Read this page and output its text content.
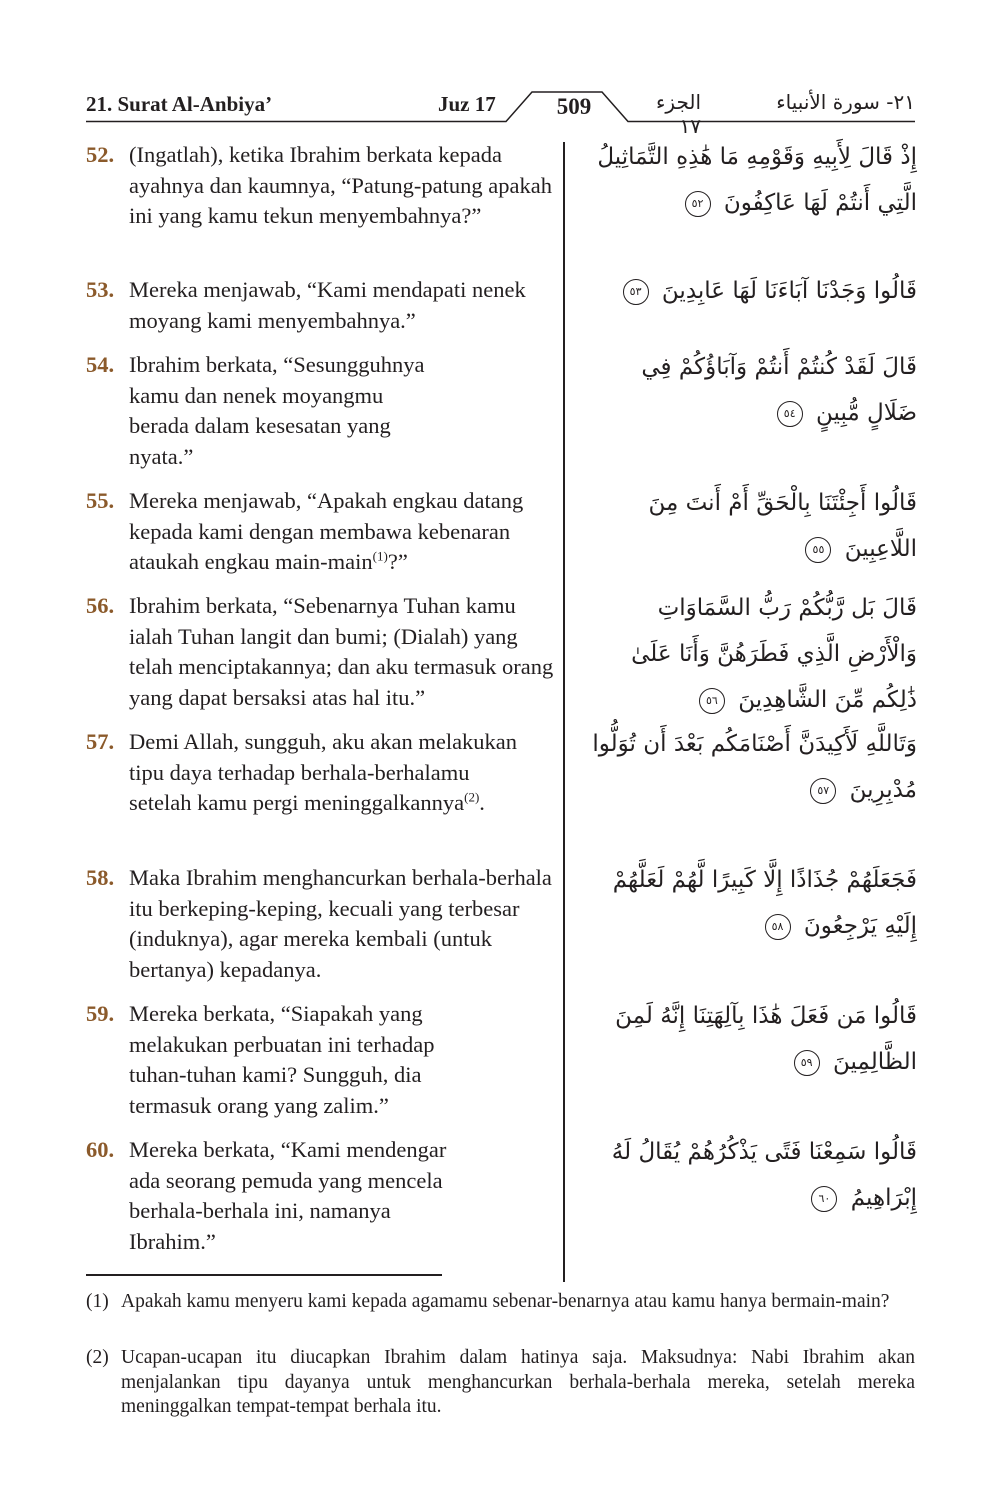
21. Surat Al-Anbiya’	Juz 17	509	الجزء ١٧
٢١- سورة الأنبياء
52. (Ingatlah), ketika Ibrahim berkata kepada ayahnya dan kaumnya, “Patung-patung apakah ini yang kamu tekun menyembahnya?”
53. Mereka menjawab, “Kami mendapati nenek moyang kami menyembahnya.”
54. Ibrahim berkata, “Sesungguhnya kamu dan nenek moyangmu berada dalam kesesatan yang nyata.”
55. Mereka menjawab, “Apakah engkau datang kepada kami dengan membawa kebenaran ataukah engkau main-main$^{(1)}$?”
56. Ibrahim berkata, “Sebenarnya Tuhan kamu ialah Tuhan langit dan bumi; (Dialah) yang telah menciptakannya; dan aku termasuk orang yang dapat bersaksi atas hal itu.”
57. Demi Allah, sungguh, aku akan melakukan tipu daya terhadap berhala-berhalamu setelah kamu pergi meninggalkannya$^{(2)}$.
58. Maka Ibrahim menghancurkan berhala-berhala itu berkeping-keping, kecuali yang terbesar (induknya), agar mereka kembali (untuk bertanya) kepadanya.
59. Mereka berkata, “Siapakah yang melakukan perbuatan ini terhadap tuhan-tuhan kami? Sungguh, dia termasuk orang yang zalim.”
60. Mereka berkata, “Kami mendengar ada seorang pemuda yang mencela berhala-berhala ini, namanya Ibrahim.”
إِذْ قَالَ لِأَبِيهِ وَقَوْمِهِ مَا هَٰذِهِ التَّمَاثِيلُ الَّتِي أَنتُمْ لَهَا عَاكِفُونَ ٥٢
قَالُوا وَجَدْنَا آبَاءَنَا لَهَا عَابِدِينَ ٥٣
قَالَ لَقَدْ كُنتُمْ أَنتُمْ وَآبَاؤُكُمْ فِي ضَلَالٍ مُّبِينٍ ٥٤
قَالُوا أَجِئْتَنَا بِالْحَقِّ أَمْ أَنتَ مِنَ اللَّاعِبِينَ ٥٥
قَالَ بَل رَّبُّكُمْ رَبُّ السَّمَاوَاتِ وَالْأَرْضِ الَّذِي فَطَرَهُنَّ وَأَنَا عَلَىٰ ذَٰلِكُم مِّنَ الشَّاهِدِينَ ٥٦
وَتَاللَّهِ لَأَكِيدَنَّ أَصْنَامَكُم بَعْدَ أَن تُوَلُّوا مُدْبِرِينَ ٥٧
فَجَعَلَهُمْ جُذَاذًا إِلَّا كَبِيرًا لَّهُمْ لَعَلَّهُمْ إِلَيْهِ يَرْجِعُونَ ٥٨
قَالُوا مَن فَعَلَ هَٰذَا بِآلِهَتِنَا إِنَّهُ لَمِنَ الظَّالِمِينَ ٥٩
قَالُوا سَمِعْنَا فَتًى يَذْكُرُهُمْ يُقَالُ لَهُ إِبْرَاهِيمُ ٦٠
(1) Apakah kamu menyeru kami kepada agamamu sebenar-benarnya atau kamu hanya bermain-main?
(2) Ucapan-ucapan itu diucapkan Ibrahim dalam hatinya saja. Maksudnya: Nabi Ibrahim akan menjalankan tipu dayanya untuk menghancurkan berhala-berhala mereka, setelah mereka meninggalkan tempat-tempat berhala itu.
